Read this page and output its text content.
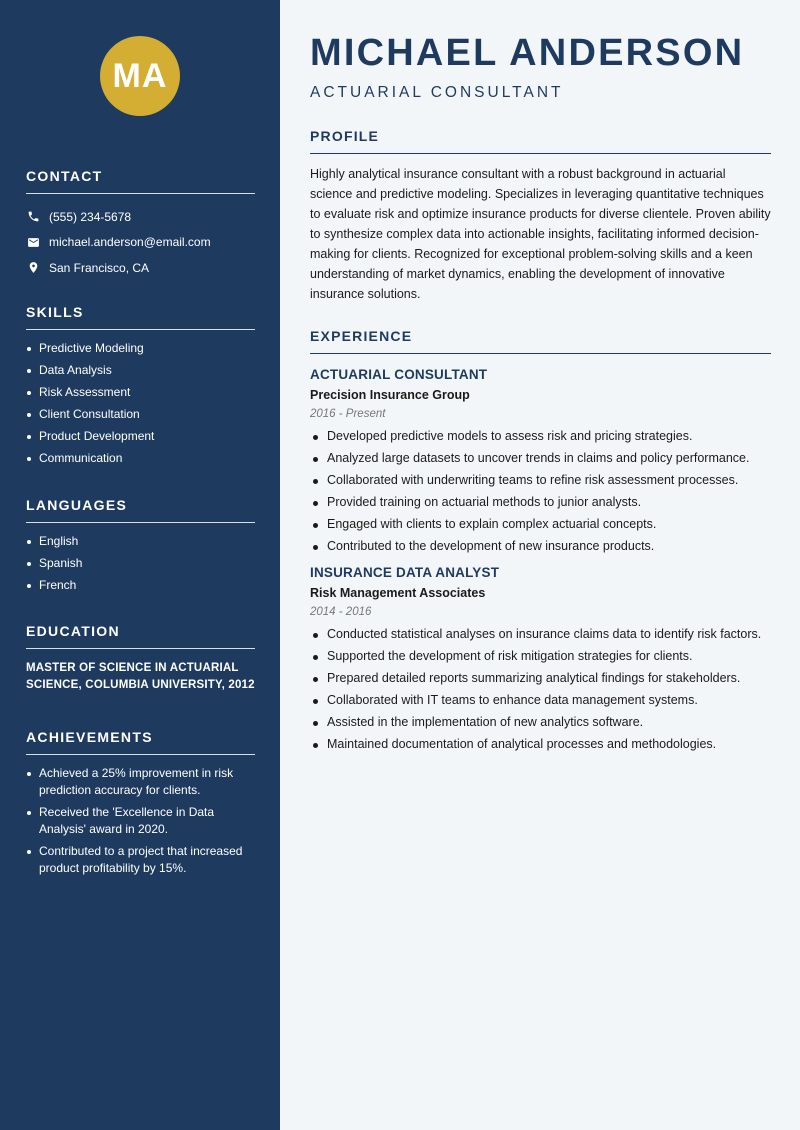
MA
CONTACT
(555) 234-5678
michael.anderson@email.com
San Francisco, CA
SKILLS
Predictive Modeling
Data Analysis
Risk Assessment
Client Consultation
Product Development
Communication
LANGUAGES
English
Spanish
French
EDUCATION

MASTER OF SCIENCE IN ACTUARIAL SCIENCE, COLUMBIA UNIVERSITY, 2012

ACHIEVEMENTS
Achieved a 25% improvement in risk prediction accuracy for clients.
Received the 'Excellence in Data Analysis' award in 2020.
Contributed to a project that increased product profitability by 15%.
MICHAEL ANDERSON
ACTUARIAL CONSULTANT
PROFILE

Highly analytical insurance consultant with a robust background in actuarial science and predictive modeling. Specializes in leveraging quantitative techniques to evaluate risk and optimize insurance products for diverse clientele. Proven ability to synthesize complex data into actionable insights, facilitating informed decision-making for clients. Recognized for exceptional problem-solving skills and a keen understanding of market dynamics, enabling the development of innovative insurance solutions.

EXPERIENCE
ACTUARIAL CONSULTANT
Precision Insurance Group
2016 - Present
Developed predictive models to assess risk and pricing strategies.
Analyzed large datasets to uncover trends in claims and policy performance.
Collaborated with underwriting teams to refine risk assessment processes.
Provided training on actuarial methods to junior analysts.
Engaged with clients to explain complex actuarial concepts.
Contributed to the development of new insurance products.
INSURANCE DATA ANALYST
Risk Management Associates
2014 - 2016
Conducted statistical analyses on insurance claims data to identify risk factors.
Supported the development of risk mitigation strategies for clients.
Prepared detailed reports summarizing analytical findings for stakeholders.
Collaborated with IT teams to enhance data management systems.
Assisted in the implementation of new analytics software.
Maintained documentation of analytical processes and methodologies.
